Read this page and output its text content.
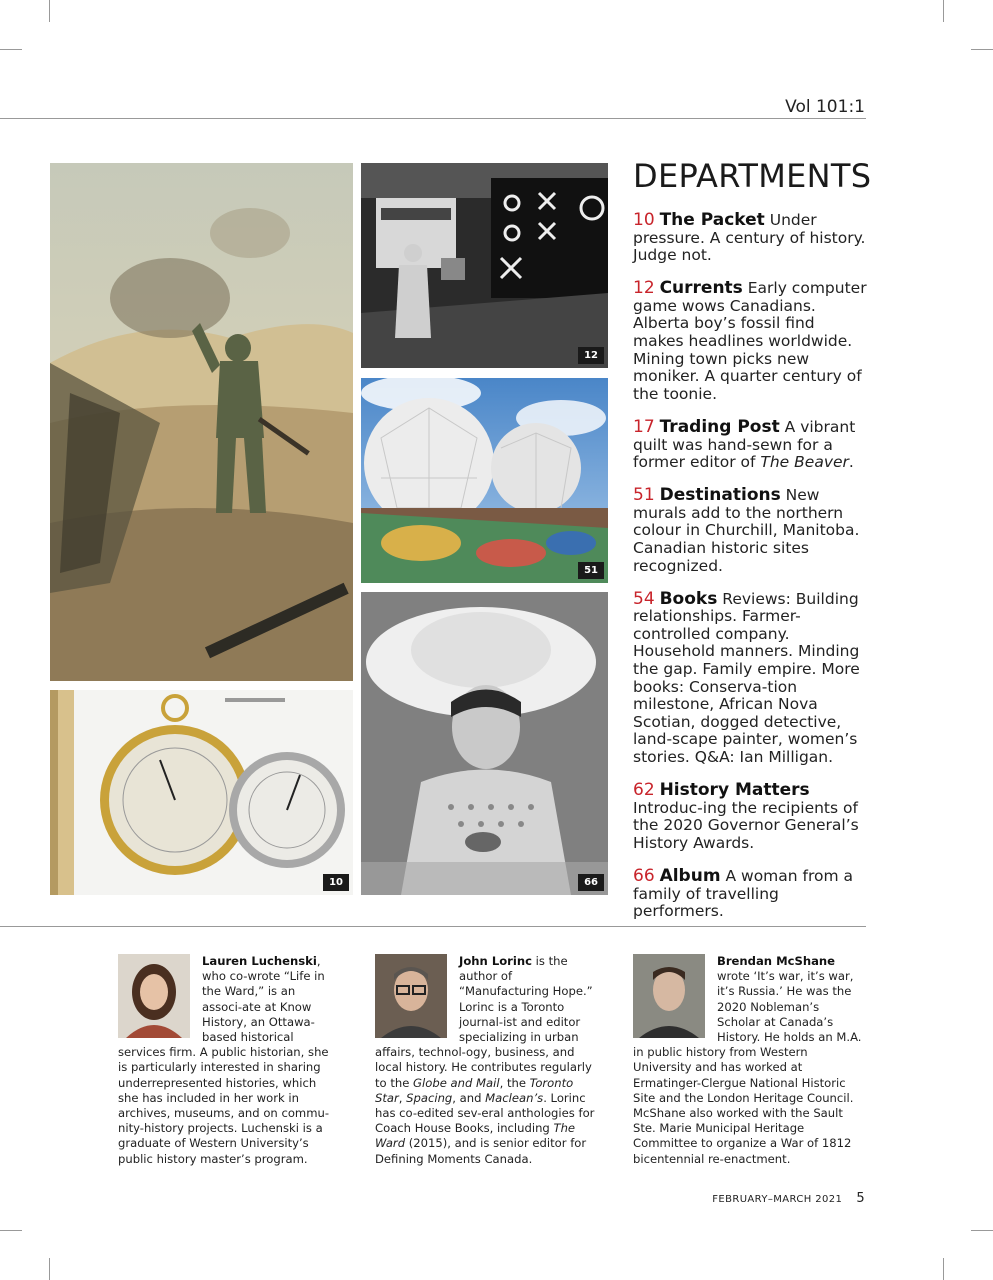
Vol 101:1
12
51
66
10
DEPARTMENTS
10 The Packet Under pressure. A century of history. Judge not.
12 Currents Early computer game wows Canadians. Alberta boy’s fossil find makes headlines worldwide. Mining town picks new moniker. A quarter century of the toonie.
17 Trading Post A vibrant quilt was hand-sewn for a former editor of The Beaver.
51 Destinations New murals add to the northern colour in Churchill, Manitoba. Canadian historic sites recognized.
54 Books Reviews: Building relationships. Farmer-controlled company. Household manners. Minding the gap. Family empire. More books: Conserva-tion milestone, African Nova Scotian, dogged detective, land-scape painter, women’s stories. Q&A: Ian Milligan.
62 History Matters Introduc-ing the recipients of the 2020 Governor General’s History Awards.
66 Album A woman from a family of travelling performers.
Lauren Luchenski, who co-wrote “Life in the Ward,” is an associ-ate at Know History, an Ottawa-based historical services firm. A public historian, she is particularly interested in sharing underrepresented histories, which she has included in her work in archives, museums, and on commu-nity-history projects. Luchenski is a graduate of Western University’s public history master’s program.
John Lorinc is the author of “Manufacturing Hope.” Lorinc is a Toronto journal-ist and editor specializing in urban affairs, technol-ogy, business, and local history. He contributes regularly to the Globe and Mail, the Toronto Star, Spacing, and Maclean’s. Lorinc has co-edited sev-eral anthologies for Coach House Books, including The Ward (2015), and is senior editor for Defining Moments Canada.
Brendan McShane
wrote ‘It’s war, it’s war, it’s Russia.’ He was the 2020 Nobleman’s Scholar at Canada’s History. He holds an M.A. in public history from Western University and has worked at Ermatinger-Clergue National Historic Site and the London Heritage Council. McShane also worked with the Sault Ste. Marie Municipal Heritage Committee to organize a War of 1812 bicentennial re-enactment.
FEBRUARY–MARCH 2021 5
